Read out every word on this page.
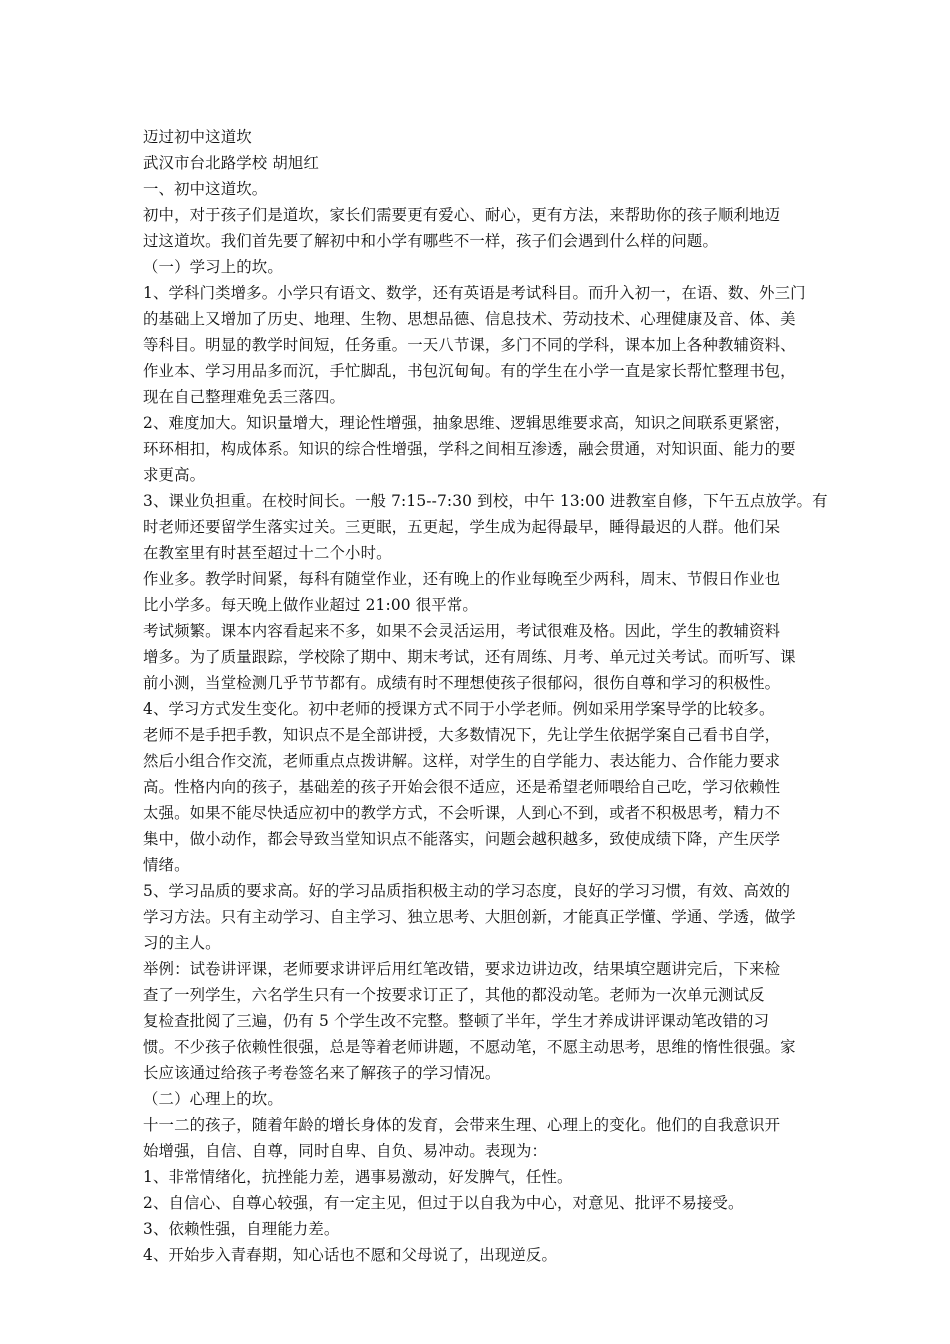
迈过初中这道坎
武汉市台北路学校 胡旭红
一、初中这道坎。
初中，对于孩子们是道坎，家长们需要更有爱心、耐心，更有方法，来帮助你的孩子顺利地迈
过这道坎。我们首先要了解初中和小学有哪些不一样，孩子们会遇到什么样的问题。
（一）学习上的坎。
1、学科门类增多。小学只有语文、数学，还有英语是考试科目。而升入初一，在语、数、外三门
的基础上又增加了历史、地理、生物、思想品德、信息技术、劳动技术、心理健康及音、体、美
等科目。明显的教学时间短，任务重。一天八节课，多门不同的学科，课本加上各种教辅资料、
作业本、学习用品多而沉，手忙脚乱，书包沉甸甸。有的学生在小学一直是家长帮忙整理书包，
现在自己整理难免丢三落四。
2、难度加大。知识量增大，理论性增强，抽象思维、逻辑思维要求高，知识之间联系更紧密，
环环相扣，构成体系。知识的综合性增强，学科之间相互渗透，融会贯通，对知识面、能力的要
求更高。
3、课业负担重。在校时间长。一般 7:15--7:30 到校，中午 13:00 进教室自修，下午五点放学。有
时老师还要留学生落实过关。三更眠，五更起，学生成为起得最早，睡得最迟的人群。他们呆
在教室里有时甚至超过十二个小时。
作业多。教学时间紧，每科有随堂作业，还有晚上的作业每晚至少两科，周末、节假日作业也
比小学多。每天晚上做作业超过 21:00 很平常。
考试频繁。课本内容看起来不多，如果不会灵活运用，考试很难及格。因此，学生的教辅资料
增多。为了质量跟踪，学校除了期中、期末考试，还有周练、月考、单元过关考试。而听写、课
前小测，当堂检测几乎节节都有。成绩有时不理想使孩子很郁闷，很伤自尊和学习的积极性。
4、学习方式发生变化。初中老师的授课方式不同于小学老师。例如采用学案导学的比较多。
老师不是手把手教，知识点不是全部讲授，大多数情况下，先让学生依据学案自己看书自学，
然后小组合作交流，老师重点点拨讲解。这样，对学生的自学能力、表达能力、合作能力要求
高。性格内向的孩子，基础差的孩子开始会很不适应，还是希望老师喂给自己吃，学习依赖性
太强。如果不能尽快适应初中的教学方式，不会听课，人到心不到，或者不积极思考，精力不
集中，做小动作，都会导致当堂知识点不能落实，问题会越积越多，致使成绩下降，产生厌学
情绪。
5、学习品质的要求高。好的学习品质指积极主动的学习态度，良好的学习习惯，有效、高效的
学习方法。只有主动学习、自主学习、独立思考、大胆创新，才能真正学懂、学通、学透，做学
习的主人。
举例：试卷讲评课，老师要求讲评后用红笔改错，要求边讲边改，结果填空题讲完后，下来检
查了一列学生，六名学生只有一个按要求订正了，其他的都没动笔。老师为一次单元测试反
复检查批阅了三遍，仍有 5 个学生改不完整。整顿了半年，学生才养成讲评课动笔改错的习
惯。不少孩子依赖性很强，总是等着老师讲题，不愿动笔，不愿主动思考，思维的惰性很强。家
长应该通过给孩子考卷签名来了解孩子的学习情况。
（二）心理上的坎。
十一二的孩子，随着年龄的增长身体的发育，会带来生理、心理上的变化。他们的自我意识开
始增强，自信、自尊，同时自卑、自负、易冲动。表现为：
1、非常情绪化，抗挫能力差，遇事易激动，好发脾气，任性。
2、自信心、自尊心较强，有一定主见，但过于以自我为中心，对意见、批评不易接受。
3、依赖性强，自理能力差。
4、开始步入青春期，知心话也不愿和父母说了，出现逆反。
